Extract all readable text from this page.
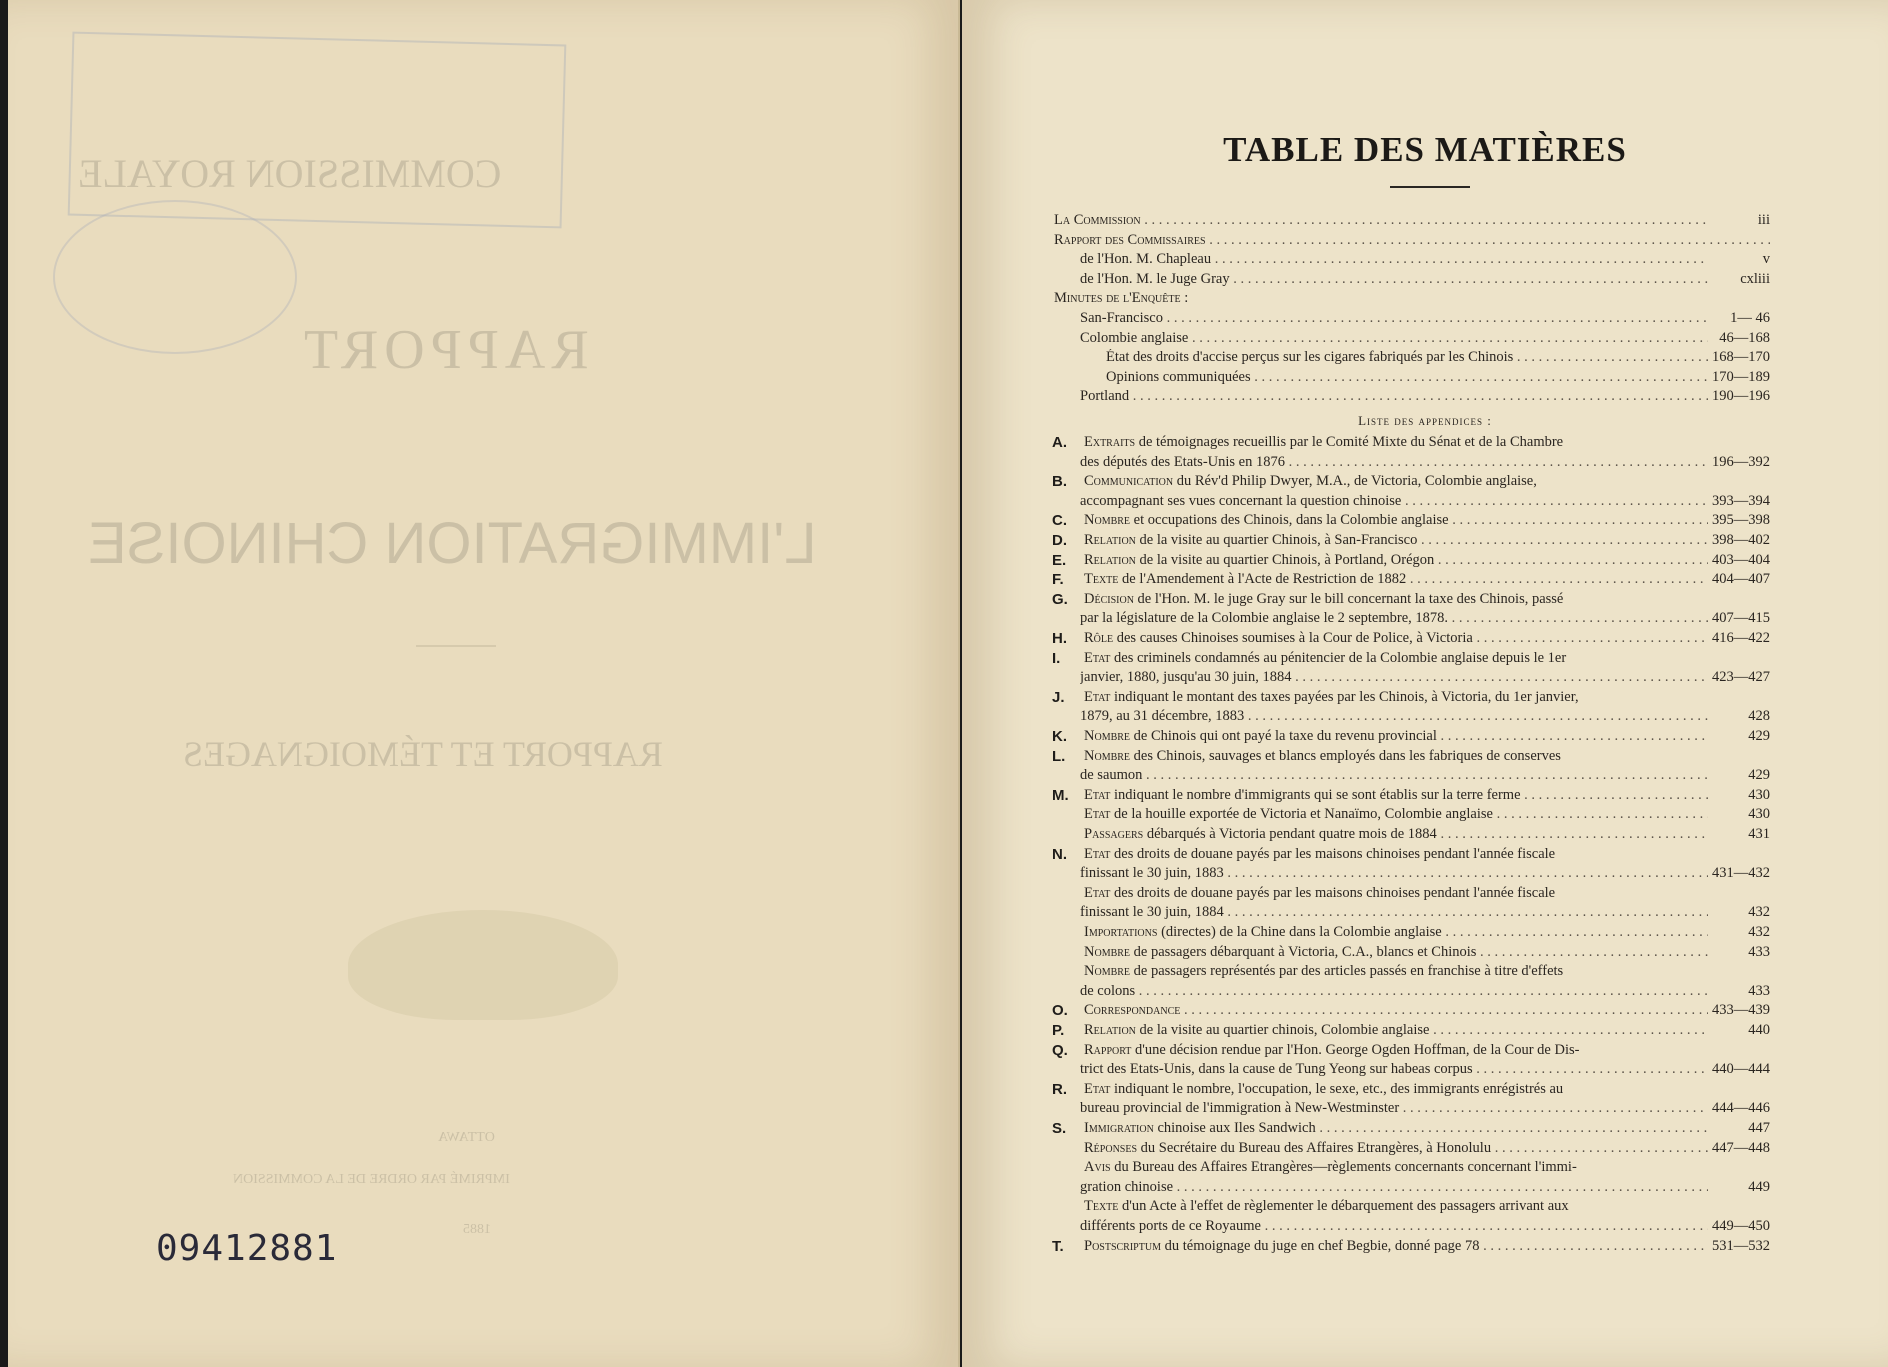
COMMISSION ROYALE
RAPPORT
L'IMMIGRATION CHINOISE
RAPPORT ET TÉMOIGNAGES
OTTAWA
IMPRIMÉ PAR ORDRE DE LA COMMISSION
1885
09412881
TABLE DES MATIÈRES
Liste des appendices :
La Commission . . .	iii
Rapport des Commissaires . . .
de l'Hon. M. Chapleau . . .	v
de l'Hon. M. le Juge Gray . . .	cxliii
Minutes de l'Enquête :
San-Francisco . . .	1— 46
Colombie anglaise . . .	46—168
État des droits d'accise perçus sur les cigares fabriqués par les Chinois . . .	168—170
Opinions communiquées . . .	170—189
Portland . . .	190—196
A.	Extraits de témoignages recueillis par le Comité Mixte du Sénat et de la Chambre
des députés des Etats-Unis en 1876 . . .	196—392
B.	Communication du Rév'd Philip Dwyer, M.A., de Victoria, Colombie anglaise,
accompagnant ses vues concernant la question chinoise . . .	393—394
C.	Nombre et occupations des Chinois, dans la Colombie anglaise . . .	395—398
D.	Relation de la visite au quartier Chinois, à San-Francisco . . .	398—402
E.	Relation de la visite au quartier Chinois, à Portland, Orégon . . .	403—404
F.	Texte de l'Amendement à l'Acte de Restriction de 1882 . . .	404—407
G.	Décision de l'Hon. M. le juge Gray sur le bill concernant la taxe des Chinois, passé
par la législature de la Colombie anglaise le 2 septembre, 1878. . . .	407—415
H.	Rôle des causes Chinoises soumises à la Cour de Police, à Victoria . . .	416—422
I.	Etat des criminels condamnés au pénitencier de la Colombie anglaise depuis le 1er
janvier, 1880, jusqu'au 30 juin, 1884 . . .	423—427
J.	Etat indiquant le montant des taxes payées par les Chinois, à Victoria, du 1er janvier,
1879, au 31 décembre, 1883 . . .	428
K.	Nombre de Chinois qui ont payé la taxe du revenu provincial . . .	429
L.	Nombre des Chinois, sauvages et blancs employés dans les fabriques de conserves
de saumon . . .	429
M.	Etat indiquant le nombre d'immigrants qui se sont établis sur la terre ferme . . .	430
Etat de la houille exportée de Victoria et Nanaïmo, Colombie anglaise . . .	430
Passagers débarqués à Victoria pendant quatre mois de 1884 . . .	431
N.	Etat des droits de douane payés par les maisons chinoises pendant l'année fiscale
finissant le 30 juin, 1883 . . .	431—432
Etat des droits de douane payés par les maisons chinoises pendant l'année fiscale
finissant le 30 juin, 1884 . . .	432
Importations (directes) de la Chine dans la Colombie anglaise . . .	432
Nombre de passagers débarquant à Victoria, C.A., blancs et Chinois . . .	433
Nombre de passagers représentés par des articles passés en franchise à titre d'effets
de colons . . .	433
O.	Correspondance . . .	433—439
P.	Relation de la visite au quartier chinois, Colombie anglaise . . .	440
Q.	Rapport d'une décision rendue par l'Hon. George Ogden Hoffman, de la Cour de Dis-
trict des Etats-Unis, dans la cause de Tung Yeong sur habeas corpus . . .	440—444
R.	Etat indiquant le nombre, l'occupation, le sexe, etc., des immigrants enrégistrés au
bureau provincial de l'immigration à New-Westminster . . .	444—446
S.	Immigration chinoise aux Iles Sandwich . . .	447
Réponses du Secrétaire du Bureau des Affaires Etrangères, à Honolulu . . .	447—448
Avis du Bureau des Affaires Etrangères—règlements concernants concernant l'immi-
gration chinoise . . .	449
Texte d'un Acte à l'effet de règlementer le débarquement des passagers arrivant aux
différents ports de ce Royaume . . .	449—450
T.	Postscriptum du témoignage du juge en chef Begbie, donné page 78 . . .	531—532
